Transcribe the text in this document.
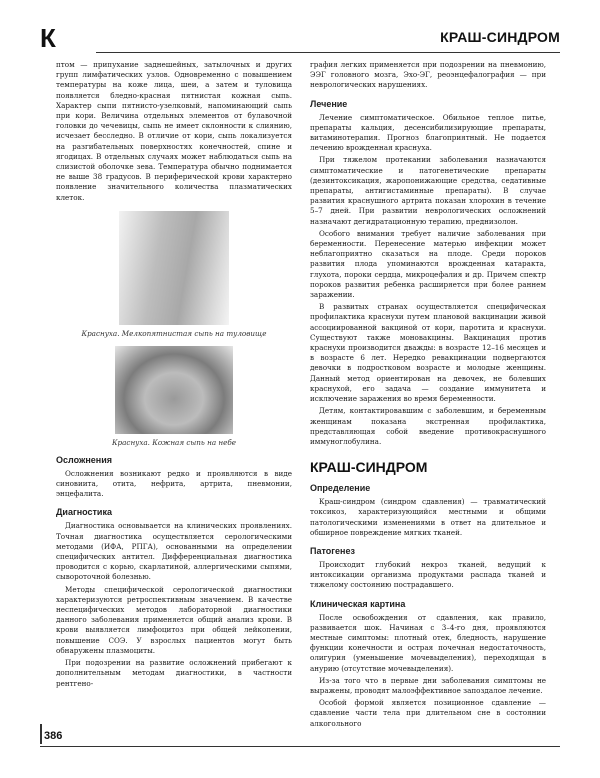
К	КРАШ-СИНДРОМ

птом — припухание заднешейных, затылочных и других групп лимфатических узлов. Одновременно с повышением температуры на коже лица, шеи, а затем и туловища появляется бледно-красная пятнистая кожная сыпь. Характер сыпи пятнисто-узелковый, напоминающий сыпь при кори. Величина отдельных элементов от булавочной головки до чечевицы, сыпь не имеет склонности к слиянию, исчезает бесследно. В отличие от кори, сыпь локализуется на разгибательных поверхностях конечностей, спине и ягодицах. В отдельных случаях может наблюдаться сыпь на слизистой оболочке зева. Температура обычно поднимается не выше 38 градусов. В периферической крови характерно появление значительного количества плазматических клеток.

Краснуха. Мелкопятнистая сыпь на туловище
Краснуха. Кожная сыпь на небе
Осложнения

Осложнения возникают редко и проявляются в виде синовиита, отита, нефрита, артрита, пневмонии, энцефалита.

Диагностика

Диагностика основывается на клинических проявлениях. Точная диагностика осуществляется серологическими методами (ИФА, РПГА), основанными на определении специфических антител. Дифференциальная диагностика проводится с корью, скарлатиной, аллергическими сыпями, сывороточной болезнью.

Методы специфической серологической диагностики характеризуются ретроспективным значением. В качестве неспецифических методов лабораторной диагностики данного заболевания применяется общий анализ крови. В крови выявляется лимфоцитоз при общей лейкопении, повышение СОЭ. У взрослых пациентов могут быть обнаружены плазмоциты.

При подозрении на развитие осложнений прибегают к дополнительным методам диагностики, в частности рентгено-

графия легких применяется при подозрении на пневмонию, ЭЭГ головного мозга, Эхо-ЭГ, реоэнцефалография — при неврологических нарушениях.

Лечение

Лечение симптоматическое. Обильное теплое питье, препараты кальция, десенсибилизирующие препараты, витаминотерапия. Прогноз благоприятный. Не подается лечению врожденная краснуха.

При тяжелом протекании заболевания назначаются симптоматические и патогенетические препараты (дезинтоксикация, жаропонижающие средства, седативные препараты, антигистаминные препараты). В случае развития краснушного артрита показан хлорохин в течение 5–7 дней. При развитии неврологических осложнений назначают дегидратационную терапию, преднизолон.

Особого внимания требует наличие заболевания при беременности. Перенесение матерью инфекции может неблагоприятно сказаться на плоде. Среди пороков развития плода упоминаются врожденная катаракта, глухота, пороки сердца, микроцефалия и др. Причем спектр пороков развития ребенка расширяется при более раннем заражении.

В развитых странах осуществляется специфическая профилактика краснухи путем плановой вакцинации живой ассоциированной вакциной от кори, паротита и краснухи. Существуют также моновакцины. Вакцинация против краснухи производится дважды: в возрасте 12–16 месяцев и в возрасте 6 лет. Нередко ревакцинации подвергаются девочки в подростковом возрасте и молодые женщины. Данный метод ориентирован на девочек, не болевших краснухой, его задача — создание иммунитета и исключение заражения во время беременности.

Детям, контактировавшим с заболевшим, и беременным женщинам показана экстренная профилактика, представляющая собой введение противокраснушного иммуноглобулина.

КРАШ-СИНДРОМ
Определение

Краш-синдром (синдром сдавления) — травматический токсикоз, характеризующийся местными и общими патологическими изменениями в ответ на длительное и обширное повреждение мягких тканей.

Патогенез

Происходит глубокий некроз тканей, ведущий к интоксикации организма продуктами распада тканей и тяжелому состоянию пострадавшего.

Клиническая картина

После освобождения от сдавления, как правило, развивается шок. Начиная с 3–4-го дня, проявляются местные симптомы: плотный отек, бледность, нарушение функции конечности и острая почечная недостаточность, олигурия (уменьшение мочевыделения), переходящая в анурию (отсутствие мочевыделения).

Из-за того что в первые дни заболевания симптомы не выражены, проводят малоэффективное запоздалое лечение.

Особой формой является позиционное сдавление — сдавление части тела при длительном сне в состоянии алкогольного

386
